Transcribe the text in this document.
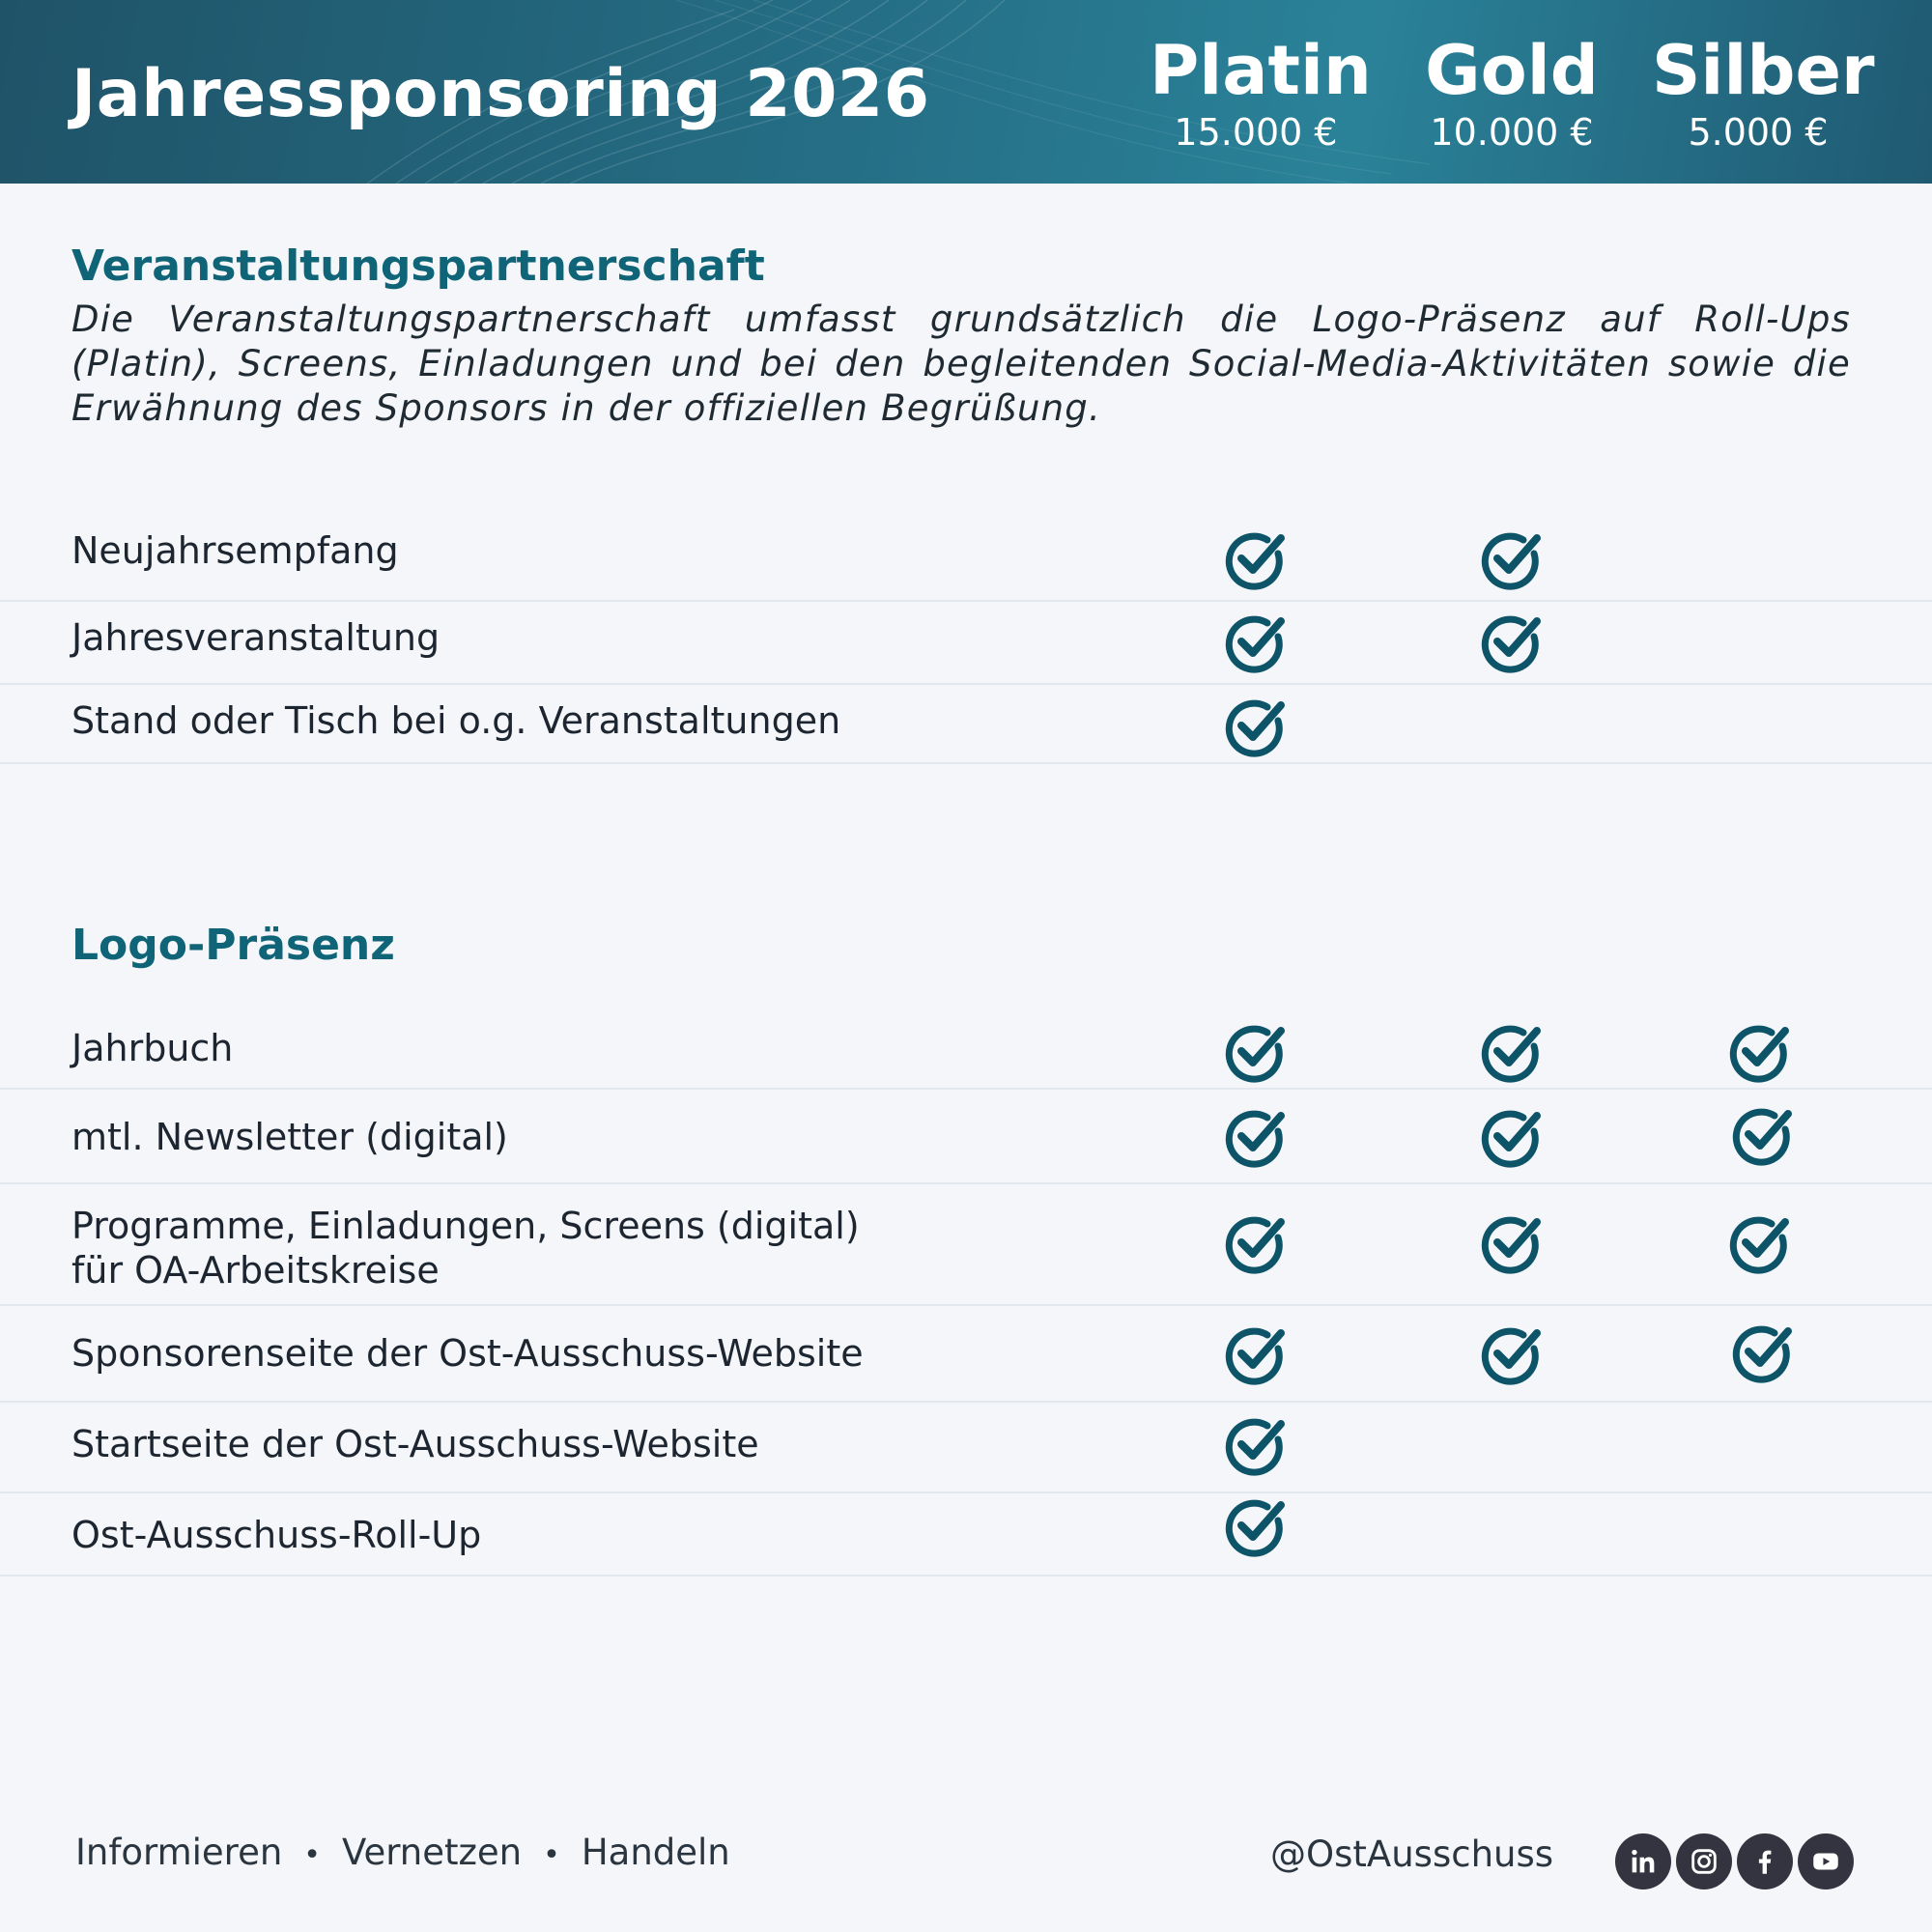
Jahressponsoring 2026	Platin
15.000 €
Gold
10.000 €
Silber
5.000 €
Veranstaltungspartnerschaft
Die Veranstaltungspartnerschaft umfasst grundsätzlich die Logo-Präsenz auf Roll-Ups (Platin), Screens, Einladungen und bei den begleitenden Social-Media-Aktivitäten sowie die Erwähnung des Sponsors in der offiziellen Begrüßung.
Neujahrsempfang
Jahresveranstaltung
Stand oder Tisch bei o.g. Veranstaltungen
Logo-Präsenz
Jahrbuch
mtl. Newsletter (digital)
Programme, Einladungen, Screens (digital)
für OA-Arbeitskreise
Sponsorenseite der Ost-Ausschuss-Website
Startseite der Ost-Ausschuss-Website
Ost-Ausschuss-Roll-Up
Informieren • Vernetzen • Handeln	@OstAusschuss
